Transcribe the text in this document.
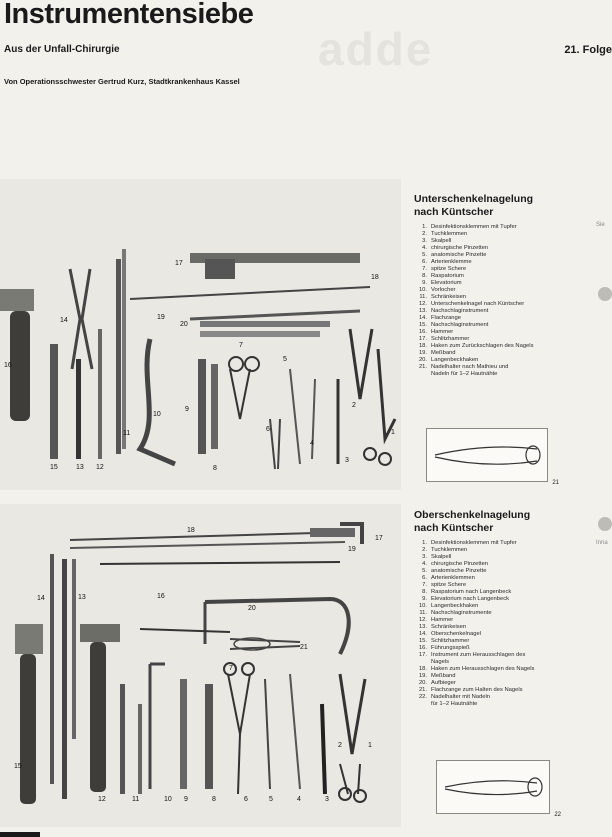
Instrumentensiebe
adde
Aus der Unfall-Chirurgie	21. Folge
Von Operationsschwester Gertrud Kurz, Stadtkrankenhaus Kassel
1
2
3
4
5
6
7
8
9
10
11
12
13
14
15
16
17
18
19
20
Unterschenkelnagelung
nach Küntscher
1. Desinfektionsklemmen mit Tupfer
2. Tuchklemmen
3. Skalpell
4. chirurgische Pinzetten
5. anatomische Pinzette
6. Arterienklemme
7. spitze Schere
8. Raspatorium
9. Elevatorium
10. Vorlocher
11. Schränkeisen
12. Unterschenkelnagel nach Küntscher
13. Nachschlaginstrument
14. Flachzange
15. Nachschlaginstrument
16. Hammer
17. Schlitzhammer
18. Haken zum Zurückschlagen des Nagels
19. Meßband
20. Langenbeckhaken
21. Nadelhalter nach Mathieu und
Nadeln für 1–2 Hautnähte
21
1
2
3
4
5
6
7
8
9
10
11
12
13
14
15
16
17
18
19
20
21
Oberschenkelnagelung
nach Küntscher
1. Desinfektionsklemmen mit Tupfer
2. Tuchklemmen
3. Skalpell
4. chirurgische Pinzetten
5. anatomische Pinzette
6. Arterienklemmen
7. spitze Schere
8. Raspatorium nach Langenbeck
9. Elevatorium nach Langenbeck
10. Langenbeckhaken
11. Nachschlaginstrumente
12. Hammer
13. Schränkeisen
14. Oberschenkelnagel
15. Schlitzhammer
16. Führungsspieß
17. Instrument zum Herausschlagen des
Nagels
18. Haken zum Herausschlagen des Nagels
19. Meßband
20. Aufbieger
21. Flachzange zum Halten des Nagels
22. Nadelhalter mit Nadeln
für 1–2 Hautnähte
22
Sie
Inna
